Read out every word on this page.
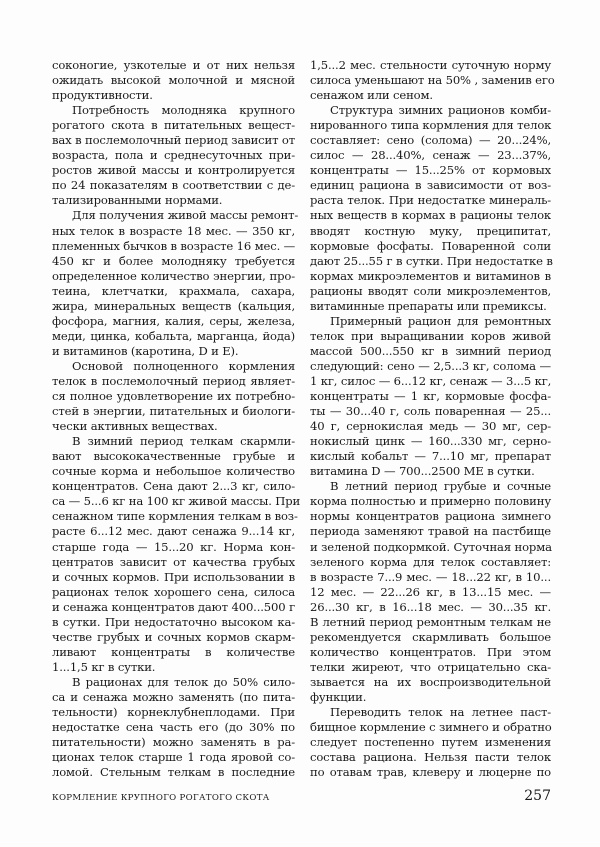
соконогие, узкотелые и от них нельзя
ожидать высокой молочной и мясной
продуктивности.
Потребность молодняка крупного
рогатого скота в питательных вещест-
вах в послемолочный период зависит от
возраста, пола и среднесуточных при-
ростов живой массы и контролируется
по 24 показателям в соответствии с де-
тализированными нормами.
Для получения живой массы ремонт-
ных телок в возрасте 18 мес. — 350 кг,
племенных бычков в возрасте 16 мес. —
450 кг и более молодняку требуется
определенное количество энергии, про-
теина, клетчатки, крахмала, сахара,
жира, минеральных веществ (кальция,
фосфора, магния, калия, серы, железа,
меди, цинка, кобальта, марганца, йода)
и витаминов (каротина, D и E).
Основой полноценного кормления
телок в послемолочный период являет-
ся полное удовлетворение их потребно-
стей в энергии, питательных и биологи-
чески активных веществах.
В зимний период телкам скармли-
вают высококачественные грубые и
сочные корма и небольшое количество
концентратов. Сена дают 2...3 кг, сило-
са — 5...6 кг на 100 кг живой массы. При
сенажном типе кормления телкам в воз-
расте 6...12 мес. дают сенажа 9...14 кг,
старше года — 15...20 кг. Норма кон-
центратов зависит от качества грубых
и сочных кормов. При использовании в
рационах телок хорошего сена, силоса
и сенажа концентратов дают 400...500 г
в сутки. При недостаточно высоком ка-
честве грубых и сочных кормов скарм-
ливают концентраты в количестве
1...1,5 кг в сутки.
В рационах для телок до 50% сило-
са и сенажа можно заменять (по пита-
тельности) корнеклубнеплодами. При
недостатке сена часть его (до 30% по
питательности) можно заменять в ра-
ционах телок старше 1 года яровой со-
ломой. Стельным телкам в последние
1,5...2 мес. стельности суточную норму
силоса уменьшают на 50% , заменив его
сенажом или сеном.
Структура зимних рационов комби-
нированного типа кормления для телок
составляет: сено (солома) — 20...24%,
силос — 28...40%, сенаж — 23...37%,
концентраты — 15...25% от кормовых
единиц рациона в зависимости от воз-
раста телок. При недостатке минераль-
ных веществ в кормах в рационы телок
вводят костную муку, преципитат,
кормовые фосфаты. Поваренной соли
дают 25...55 г в сутки. При недостатке в
кормах микроэлементов и витаминов в
рационы вводят соли микроэлементов,
витаминные препараты или премиксы.
Примерный рацион для ремонтных
телок при выращивании коров живой
массой 500...550 кг в зимний период
следующий: сено — 2,5...3 кг, солома —
1 кг, силос — 6...12 кг, сенаж — 3...5 кг,
концентраты — 1 кг, кормовые фосфа-
ты — 30...40 г, соль поваренная — 25...
40 г, сернокислая медь — 30 мг, сер-
нокислый цинк — 160...330 мг, серно-
кислый кобальт — 7...10 мг, препарат
витамина D — 700...2500 МЕ в сутки.
В летний период грубые и сочные
корма полностью и примерно половину
нормы концентратов рациона зимнего
периода заменяют травой на пастбище
и зеленой подкормкой. Суточная норма
зеленого корма для телок составляет:
в возрасте 7...9 мес. — 18...22 кг, в 10...
12 мес. — 22...26 кг, в 13...15 мес. —
26...30 кг, в 16...18 мес. — 30...35 кг.
В летний период ремонтным телкам не
рекомендуется скармливать большое
количество концентратов. При этом
телки жиреют, что отрицательно ска-
зывается на их воспроизводительной
функции.
Переводить телок на летнее паст-
бищное кормление с зимнего и обратно
следует постепенно путем изменения
состава рациона. Нельзя пасти телок
по отавам трав, клеверу и люцерне по
КОРМЛЕНИЕ КРУПНОГО РОГАТОГО СКОТА	257
